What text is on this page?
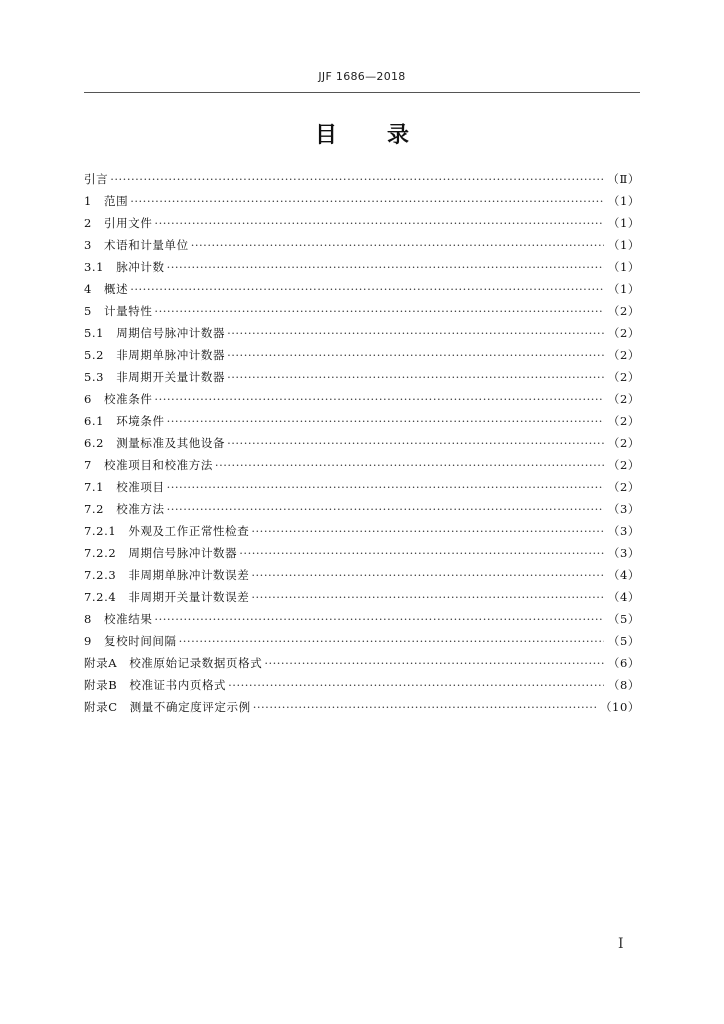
JJF 1686—2018
目 录
引言 ·····	（Ⅱ）
1　范围 ·····	（1）
2　引用文件 ·····	（1）
3　术语和计量单位 ·····	（1）
3.1　脉冲计数 ·····	（1）
4　概述 ·····	（1）
5　计量特性 ·····	（2）
5.1　周期信号脉冲计数器 ·····	（2）
5.2　非周期单脉冲计数器 ·····	（2）
5.3　非周期开关量计数器 ·····	（2）
6　校准条件 ·····	（2）
6.1　环境条件 ·····	（2）
6.2　测量标准及其他设备 ·····	（2）
7　校准项目和校准方法 ·····	（2）
7.1　校准项目 ·····	（2）
7.2　校准方法 ·····	（3）
7.2.1　外观及工作正常性检查 ·····	（3）
7.2.2　周期信号脉冲计数器 ·····	（3）
7.2.3　非周期单脉冲计数误差 ·····	（4）
7.2.4　非周期开关量计数误差 ·····	（4）
8　校准结果 ·····	（5）
9　复校时间间隔 ·····	（5）
附录A　校准原始记录数据页格式 ·····	（6）
附录B　校准证书内页格式 ·····	（8）
附录C　测量不确定度评定示例 ·····	（10）
I
